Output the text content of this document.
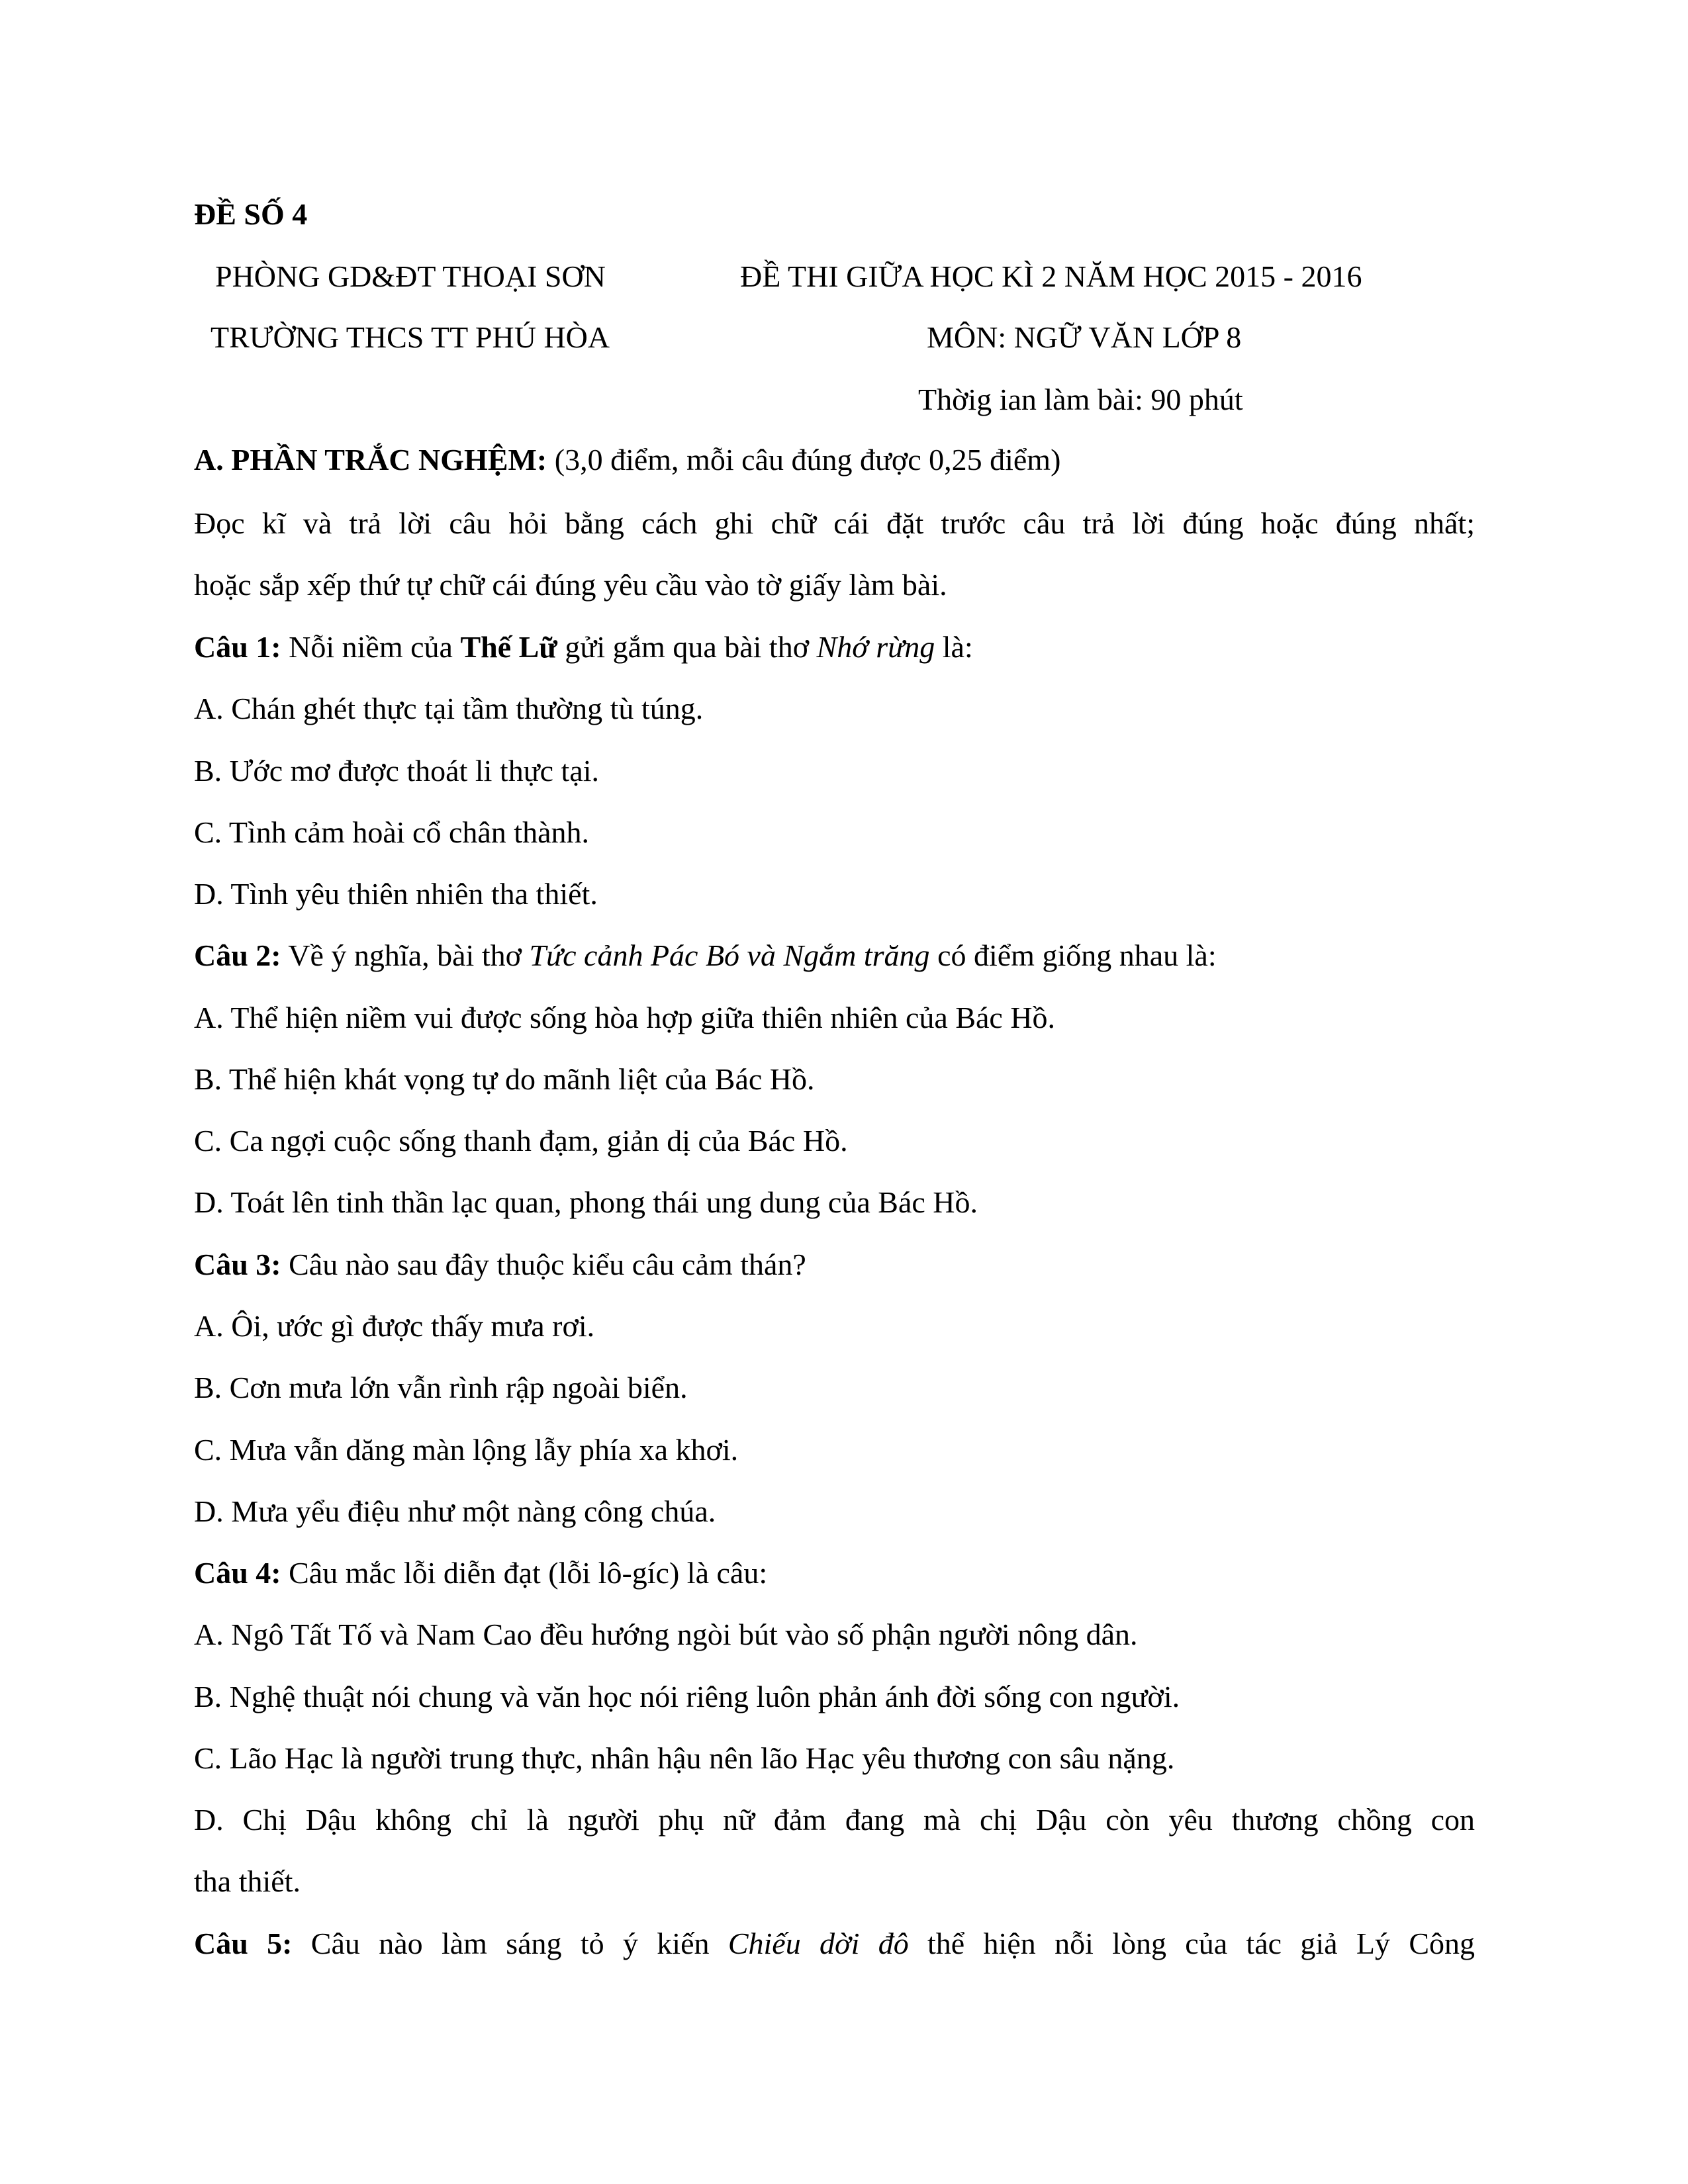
ĐỀ SỐ 4
PHÒNG GD&ĐT THOẠI SƠN	ĐỀ THI GIỮA HỌC KÌ 2 NĂM HỌC 2015 - 2016
TRƯỜNG THCS TT PHÚ HÒA	MÔN: NGỮ VĂN LỚP 8
Thờig ian làm bài: 90 phút
A. PHẦN TRẮC NGHỆM: (3,0 điểm, mỗi câu đúng được 0,25 điểm)
Đọc kĩ và trả lời câu hỏi bằng cách ghi chữ cái đặt trước câu trả lời đúng hoặc đúng nhất;
hoặc sắp xếp thứ tự chữ cái đúng yêu cầu vào tờ giấy làm bài.
Câu 1: Nỗi niềm của Thế Lữ gửi gắm qua bài thơ Nhớ rừng là:
A. Chán ghét thực tại tầm thường tù túng.
B. Ước mơ được thoát li thực tại.
C. Tình cảm hoài cổ chân thành.
D. Tình yêu thiên nhiên tha thiết.
Câu 2: Về ý nghĩa, bài thơ Tức cảnh Pác Bó và Ngắm trăng có điểm giống nhau là:
A. Thể hiện niềm vui được sống hòa hợp giữa thiên nhiên của Bác Hồ.
B. Thể hiện khát vọng tự do mãnh liệt của Bác Hồ.
C. Ca ngợi cuộc sống thanh đạm, giản dị của Bác Hồ.
D. Toát lên tinh thần lạc quan, phong thái ung dung của Bác Hồ.
Câu 3: Câu nào sau đây thuộc kiểu câu cảm thán?
A. Ôi, ước gì được thấy mưa rơi.
B. Cơn mưa lớn vẫn rình rập ngoài biển.
C. Mưa vẫn dăng màn lộng lẫy phía xa khơi.
D. Mưa yểu điệu như một nàng công chúa.
Câu 4: Câu mắc lỗi diễn đạt (lỗi lô-gíc) là câu:
A. Ngô Tất Tố và Nam Cao đều hướng ngòi bút vào số phận người nông dân.
B. Nghệ thuật nói chung và văn học nói riêng luôn phản ánh đời sống con người.
C. Lão Hạc là người trung thực, nhân hậu nên lão Hạc yêu thương con sâu nặng.
D. Chị Dậu không chỉ là người phụ nữ đảm đang mà chị Dậu còn yêu thương chồng con
tha thiết.
Câu 5: Câu nào làm sáng tỏ ý kiến Chiếu dời đô thể hiện nỗi lòng của tác giả Lý Công
